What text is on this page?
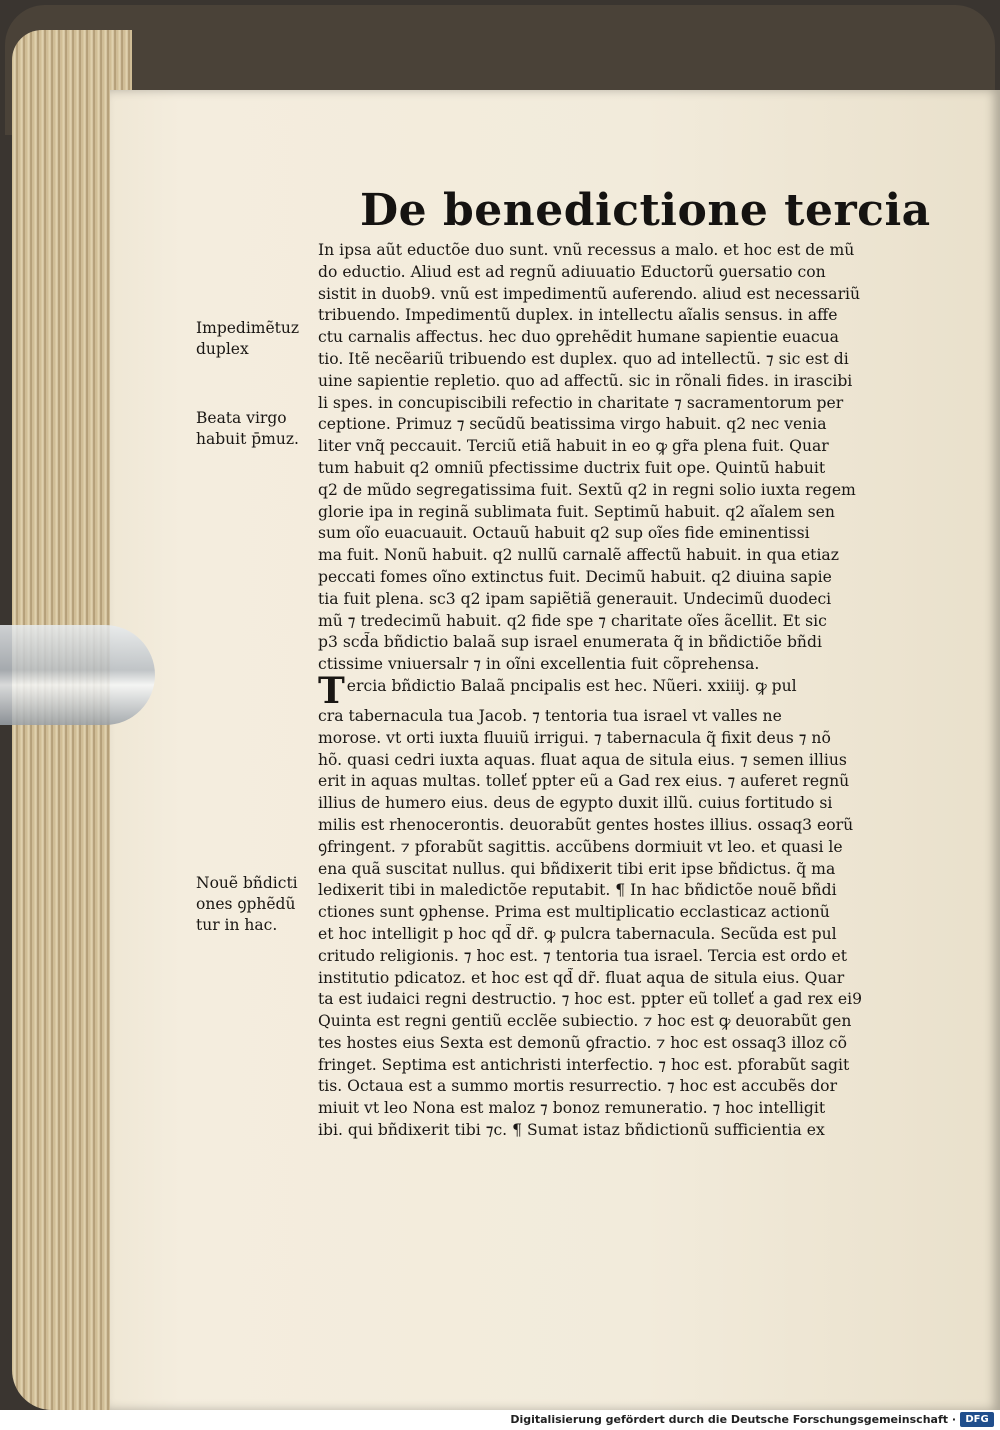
De benedictione tercia
Impedimẽtuz
duplex
Beata virgo
habuit p̄muz.
Nouẽ bñdicti
ones ꝯphẽdũ
tur in hac.
In ipsa aũt eductõe duo sunt. vnũ recessus a malo. et hoc est de mũ
do eductio. Aliud est ad regnũ adiuuatio Eductorũ ꝯuersatio con
sistit in duob9. vnũ est impedimentũ auferendo. aliud est necessariũ
tribuendo. Impedimentũ duplex. in intellectu aĩalis sensus. in affe
ctu carnalis affectus. hec duo ꝯprehẽdit humane sapientie euacua
tio. Itẽ necẽariũ tribuendo est duplex. quo ad intellectũ. ⁊ sic est di
uine sapientie repletio. quo ad affectũ. sic in rõnali fides. in irascibi
li spes. in concupiscibili refectio in charitate ⁊ sacramentorum per
ceptione. Primuz ⁊ secũdũ beatissima virgo habuit. q2 nec venia
liter vnq̃ peccauit. Terciũ etiã habuit in eo ꝙ gr̃a plena fuit. Quar
tum habuit q2 omniũ pfectissime ductrix fuit ope. Quintũ habuit
q2 de mũdo segregatissima fuit. Sextũ q2 in regni solio iuxta regem
glorie ipa in reginã sublimata fuit. Septimũ habuit. q2 aĩalem sen
sum oĩo euacuauit. Octauũ habuit q2 sup oĩes fide eminentissi
ma fuit. Nonũ habuit. q2 nullũ carnalẽ affectũ habuit. in qua etiaz
peccati fomes oĩno extinctus fuit. Decimũ habuit. q2 diuina sapie
tia fuit plena. sc3 q2 ipam sapiẽtiã generauit. Undecimũ duodeci
mũ ⁊ tredecimũ habuit. q2 fide spe ⁊ charitate oĩes ãcellit. Et sic
p3 scd̃a bñdictio balaã sup israel enumerata q̃ in bñdictiõe bñdi
ctissime vniuersalr ⁊ in oĩni excellentia fuit cõprehensa.
Tercia bñdictio Balaã pncipalis est hec. Nũeri. xxiiij. ꝙ pul
cra tabernacula tua Jacob. ⁊ tentoria tua israel vt valles ne
morose. vt orti iuxta fluuiũ irrigui. ⁊ tabernacula q̃ fixit deus ⁊ nõ
hõ. quasi cedri iuxta aquas. fluat aqua de situla eius. ⁊ semen illius
erit in aquas multas. tolleť ppter eũ a Gad rex eius. ⁊ auferet regnũ
illius de humero eius. deus de egypto duxit illũ. cuius fortitudo si
milis est rhenocerontis. deuorabũt gentes hostes illius. ossaq3 eorũ
ꝯfringent. ⁊ pforabũt sagittis. accũbens dormiuit vt leo. et quasi le
ena quã suscitat nullus. qui bñdixerit tibi erit ipse bñdictus. q̃ ma
ledixerit tibi in maledictõe reputabit. ¶ In hac bñdictõe nouẽ bñdi
ctiones sunt ꝯphense. Prima est multiplicatio ecclasticaz actionũ
et hoc intelligit p hoc qd̃ dr̃. ꝙ pulcra tabernacula. Secũda est pul
critudo religionis. ⁊ hoc est. ⁊ tentoria tua israel. Tercia est ordo et
institutio pdicatoz. et hoc est qd̃ dr̃. fluat aqua de situla eius. Quar
ta est iudaici regni destructio. ⁊ hoc est. ppter eũ tolleť a gad rex ei9
Quinta est regni gentiũ ecclẽe subiectio. ⁊ hoc est ꝙ deuorabũt gen
tes hostes eius Sexta est demonũ ꝯfractio. ⁊ hoc est ossaq3 illoz cõ
fringet. Septima est antichristi interfectio. ⁊ hoc est. pforabũt sagit
tis. Octaua est a summo mortis resurrectio. ⁊ hoc est accubẽs dor
miuit vt leo Nona est maloz ⁊ bonoz remuneratio. ⁊ hoc intelligit
ibi. qui bñdixerit tibi ⁊c. ¶ Sumat istaz bñdictionũ sufficientia ex
Digitalisierung gefördert durch die Deutsche Forschungsgemeinschaft · DFG
